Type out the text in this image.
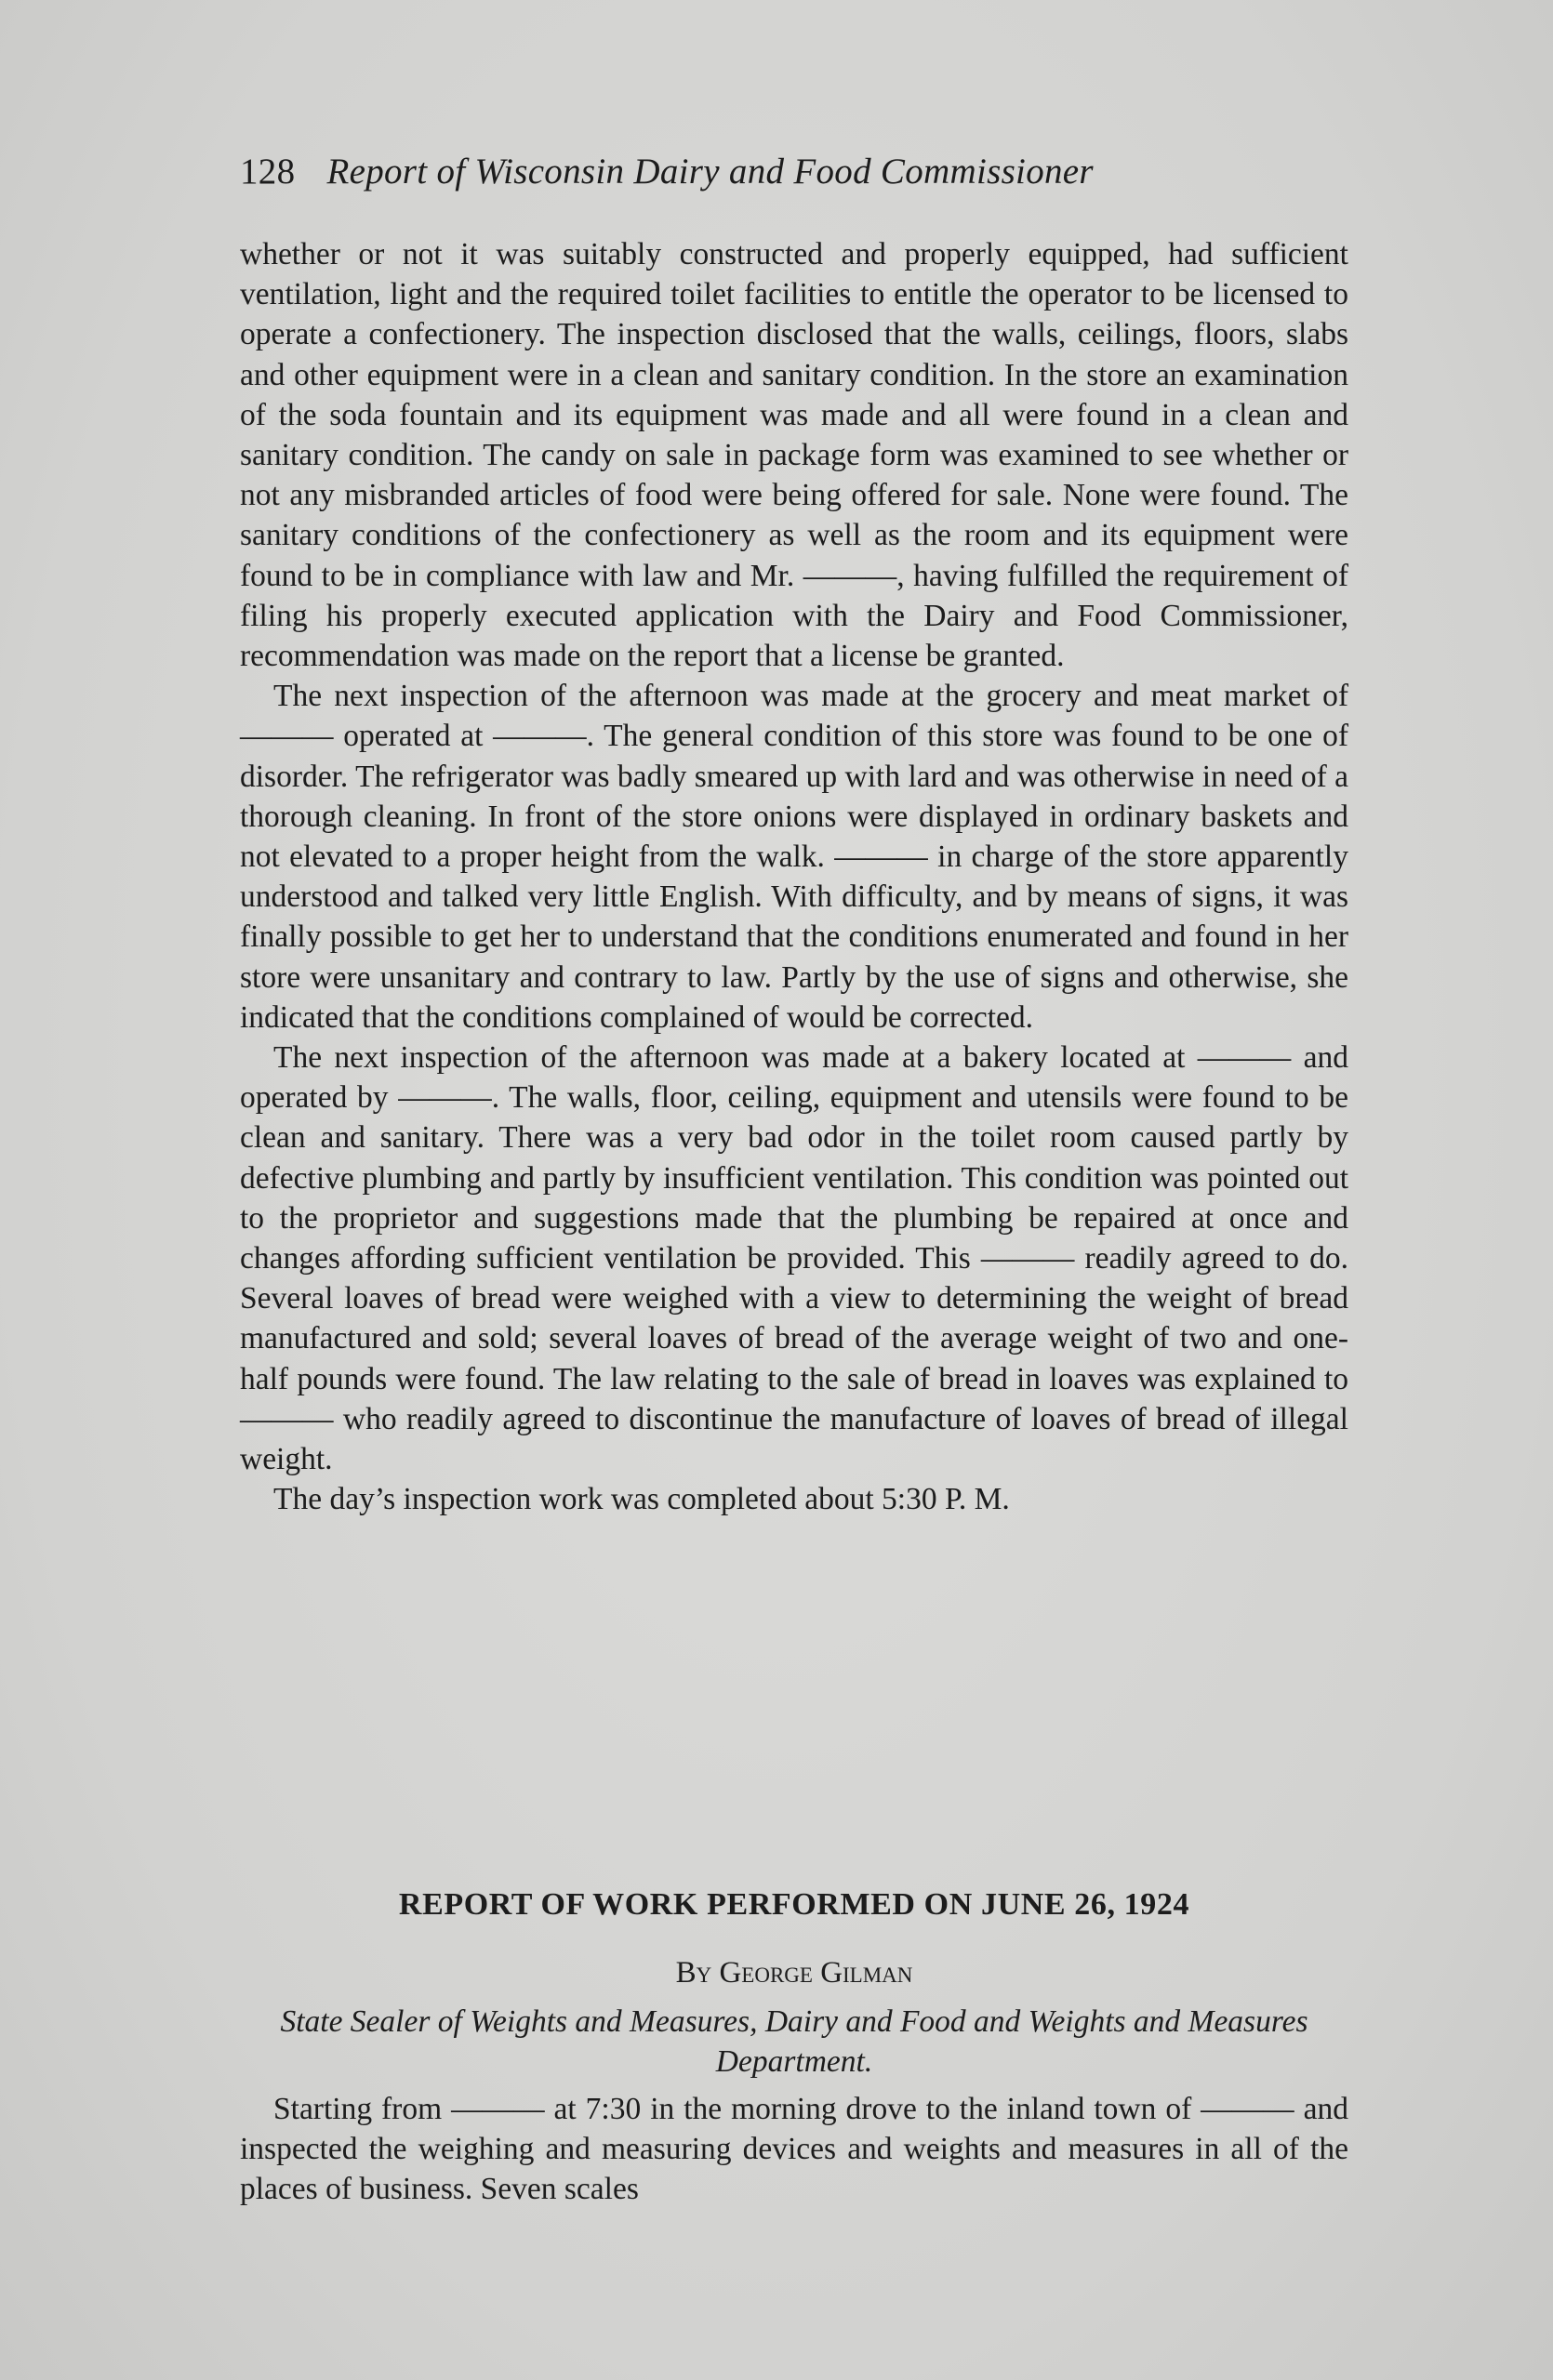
128 Report of Wisconsin Dairy and Food Commissioner

whether or not it was suitably constructed and properly equipped, had sufficient ventilation, light and the required toilet facilities to entitle the operator to be licensed to operate a confectionery. The inspection disclosed that the walls, ceilings, floors, slabs and other equipment were in a clean and sanitary condition. In the store an examination of the soda fountain and its equipment was made and all were found in a clean and sanitary condition. The candy on sale in package form was examined to see whether or not any misbranded articles of food were being offered for sale. None were found. The sanitary conditions of the confectionery as well as the room and its equipment were found to be in compliance with law and Mr. ———, having fulfilled the requirement of filing his properly executed application with the Dairy and Food Commissioner, recommendation was made on the report that a license be granted.

The next inspection of the afternoon was made at the grocery and meat market of ——— operated at ———. The general condition of this store was found to be one of disorder. The refrigerator was badly smeared up with lard and was otherwise in need of a thorough cleaning. In front of the store onions were displayed in ordinary baskets and not elevated to a proper height from the walk. ——— in charge of the store apparently understood and talked very little English. With difficulty, and by means of signs, it was finally possible to get her to understand that the conditions enumerated and found in her store were unsanitary and contrary to law. Partly by the use of signs and otherwise, she indicated that the conditions complained of would be corrected.

The next inspection of the afternoon was made at a bakery located at ——— and operated by ———. The walls, floor, ceiling, equipment and utensils were found to be clean and sanitary. There was a very bad odor in the toilet room caused partly by defective plumbing and partly by insufficient ventilation. This condition was pointed out to the proprietor and suggestions made that the plumbing be repaired at once and changes affording sufficient ventilation be provided. This ——— readily agreed to do. Several loaves of bread were weighed with a view to determining the weight of bread manufactured and sold; several loaves of bread of the average weight of two and one-half pounds were found. The law relating to the sale of bread in loaves was explained to ——— who readily agreed to discontinue the manufacture of loaves of bread of illegal weight.

The day’s inspection work was completed about 5:30 P. M.

REPORT OF WORK PERFORMED ON JUNE 26, 1924

By George Gilman

State Sealer of Weights and Measures, Dairy and Food and Weights and Measures Department.

Starting from ——— at 7:30 in the morning drove to the inland town of ——— and inspected the weighing and measuring devices and weights and measures in all of the places of business. Seven scales
